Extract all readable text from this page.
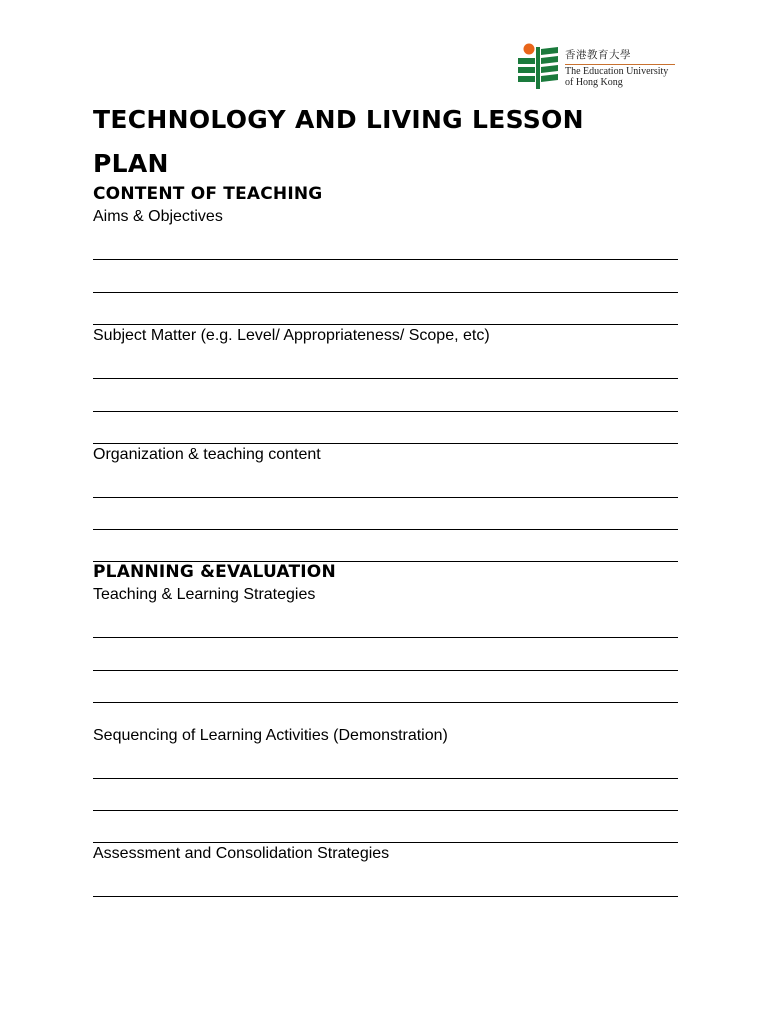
香港教育大學
The Education University
of Hong Kong
TECHNOLOGY AND LIVING LESSON
PLAN
CONTENT OF TEACHING
Aims & Objectives
Subject Matter (e.g. Level/ Appropriateness/ Scope, etc)
Organization & teaching content
PLANNING &EVALUATION
Teaching & Learning Strategies
Sequencing of Learning Activities (Demonstration)
Assessment and Consolidation Strategies
